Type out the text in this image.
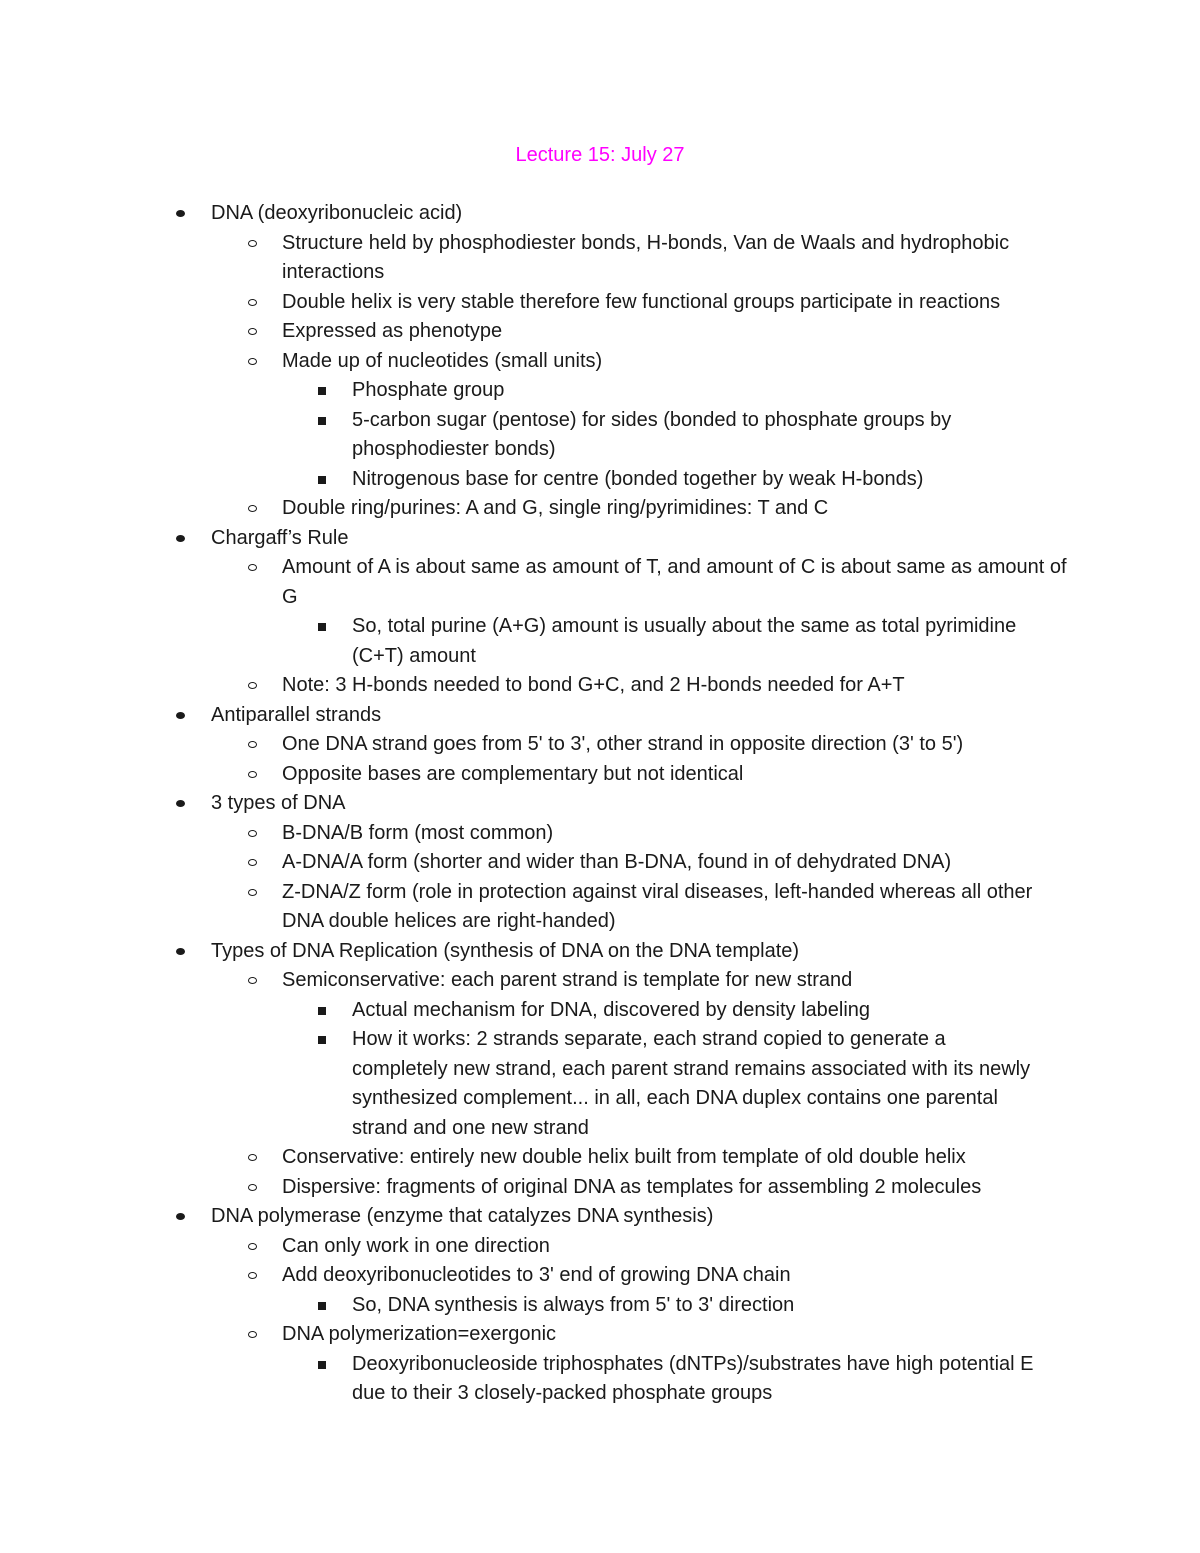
Lecture 15: July 27
DNA (deoxyribonucleic acid)
Structure held by phosphodiester bonds, H-bonds, Van de Waals and hydrophobic interactions
Double helix is very stable therefore few functional groups participate in reactions
Expressed as phenotype
Made up of nucleotides (small units)
Phosphate group
5-carbon sugar (pentose) for sides (bonded to phosphate groups by phosphodiester bonds)
Nitrogenous base for centre (bonded together by weak H-bonds)
Double ring/purines: A and G, single ring/pyrimidines: T and C
Chargaff’s Rule
Amount of A is about same as amount of T, and amount of C is about same as amount of G
So, total purine (A+G) amount is usually about the same as total pyrimidine (C+T) amount
Note: 3 H-bonds needed to bond G+C, and 2 H-bonds needed for A+T
Antiparallel strands
One DNA strand goes from 5' to 3', other strand in opposite direction (3' to 5')
Opposite bases are complementary but not identical
3 types of DNA
B-DNA/B form (most common)
A-DNA/A form (shorter and wider than B-DNA, found in of dehydrated DNA)
Z-DNA/Z form (role in protection against viral diseases, left-handed whereas all other DNA double helices are right-handed)
Types of DNA Replication (synthesis of DNA on the DNA template)
Semiconservative: each parent strand is template for new strand
Actual mechanism for DNA, discovered by density labeling
How it works: 2 strands separate, each strand copied to generate a completely new strand, each parent strand remains associated with its newly synthesized complement... in all, each DNA duplex contains one parental strand and one new strand
Conservative: entirely new double helix built from template of old double helix
Dispersive: fragments of original DNA as templates for assembling 2 molecules
DNA polymerase (enzyme that catalyzes DNA synthesis)
Can only work in one direction
Add deoxyribonucleotides to 3' end of growing DNA chain
So, DNA synthesis is always from 5' to 3' direction
DNA polymerization=exergonic
Deoxyribonucleoside triphosphates (dNTPs)/substrates have high potential E due to their 3 closely-packed phosphate groups
